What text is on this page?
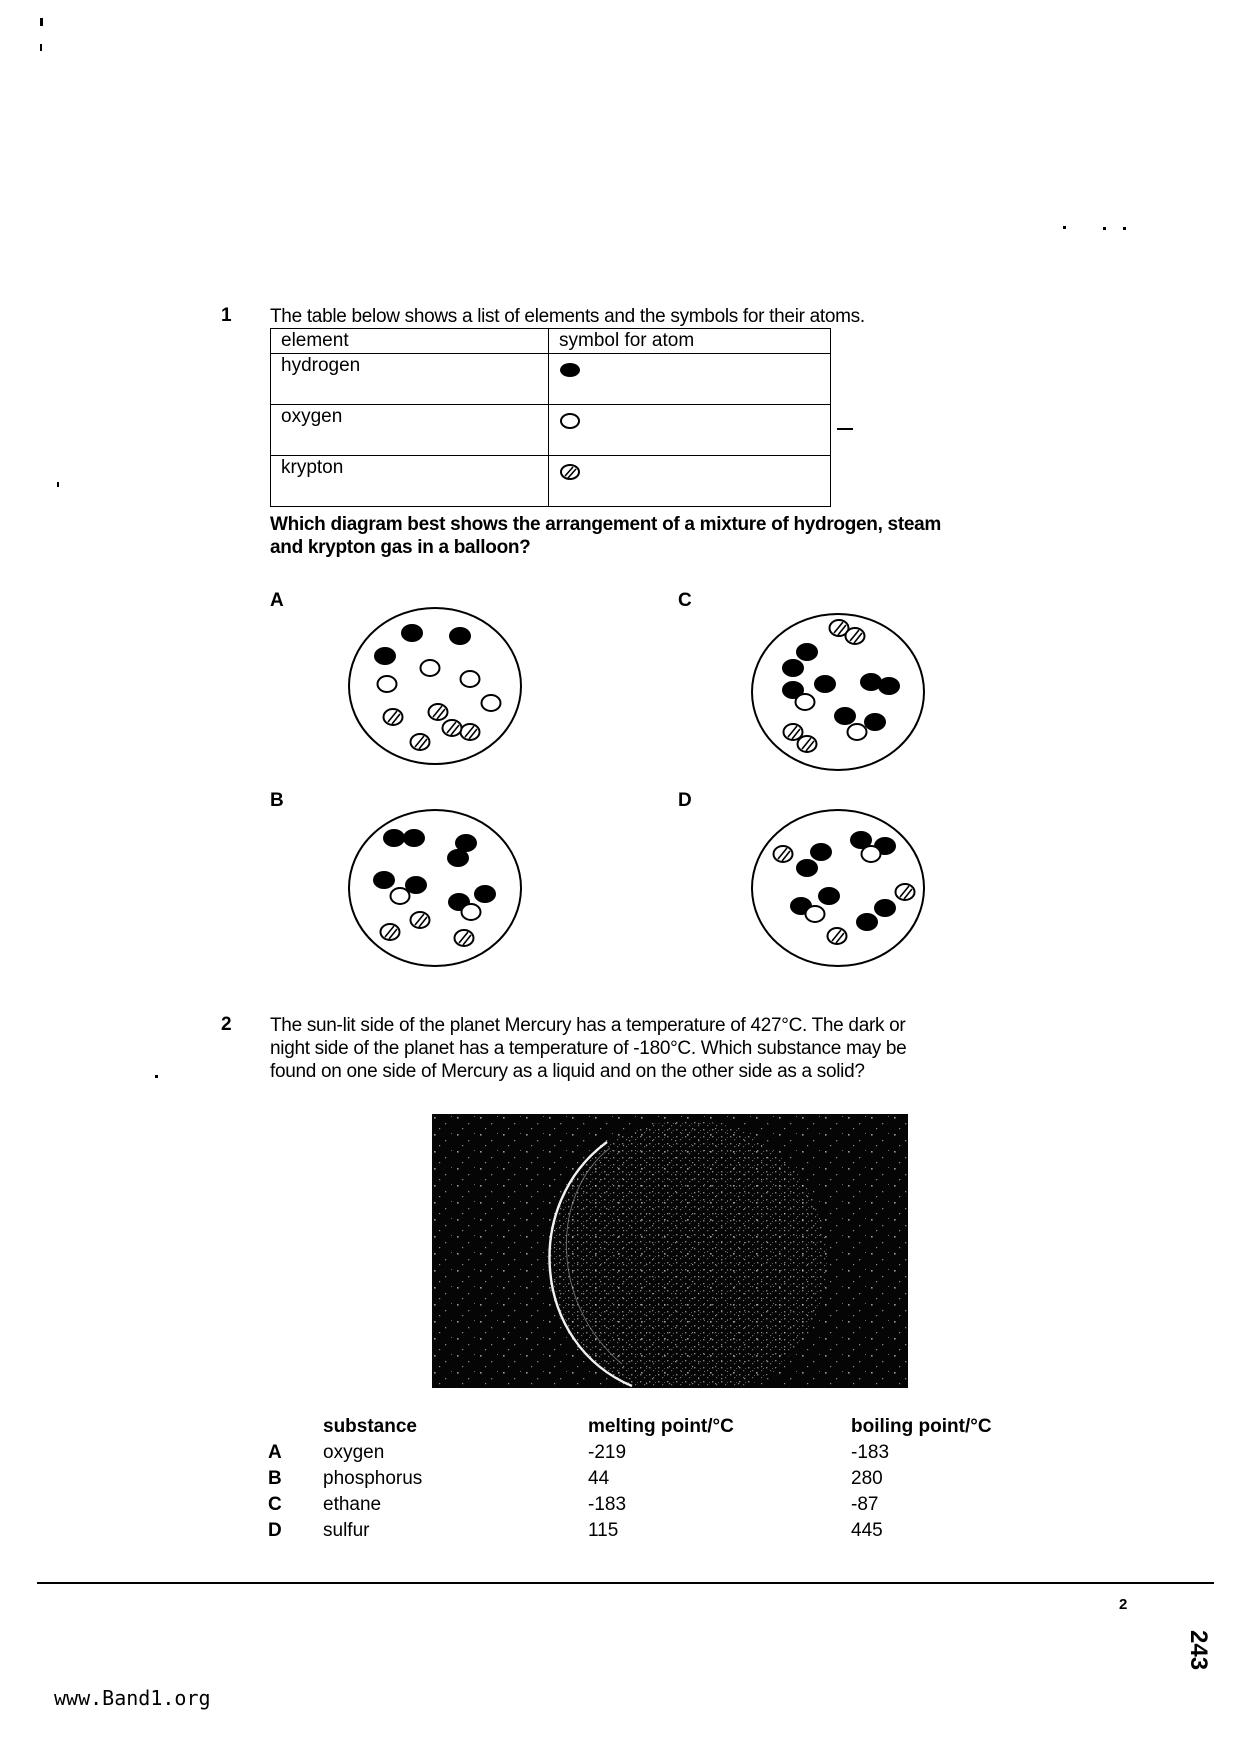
1 The table below shows a list of elements and the symbols for their atoms.
element	symbol for atom
hydrogen	
oxygen	
krypton	
Which diagram best shows the arrangement of a mixture of hydrogen, steam
and krypton gas in a balloon?
A
B
C
D
2 The sun-lit side of the planet Mercury has a temperature of 427°C. The dark or
night side of the planet has a temperature of -180°C. Which substance may be
found on one side of Mercury as a liquid and on the other side as a solid?
substance	melting point/°C	boiling point/°C
A oxygen	-219	-183
B phosphorus	44	280
C ethane	-183	-87
D sulfur	115	445
2
243
www.Band1.org
